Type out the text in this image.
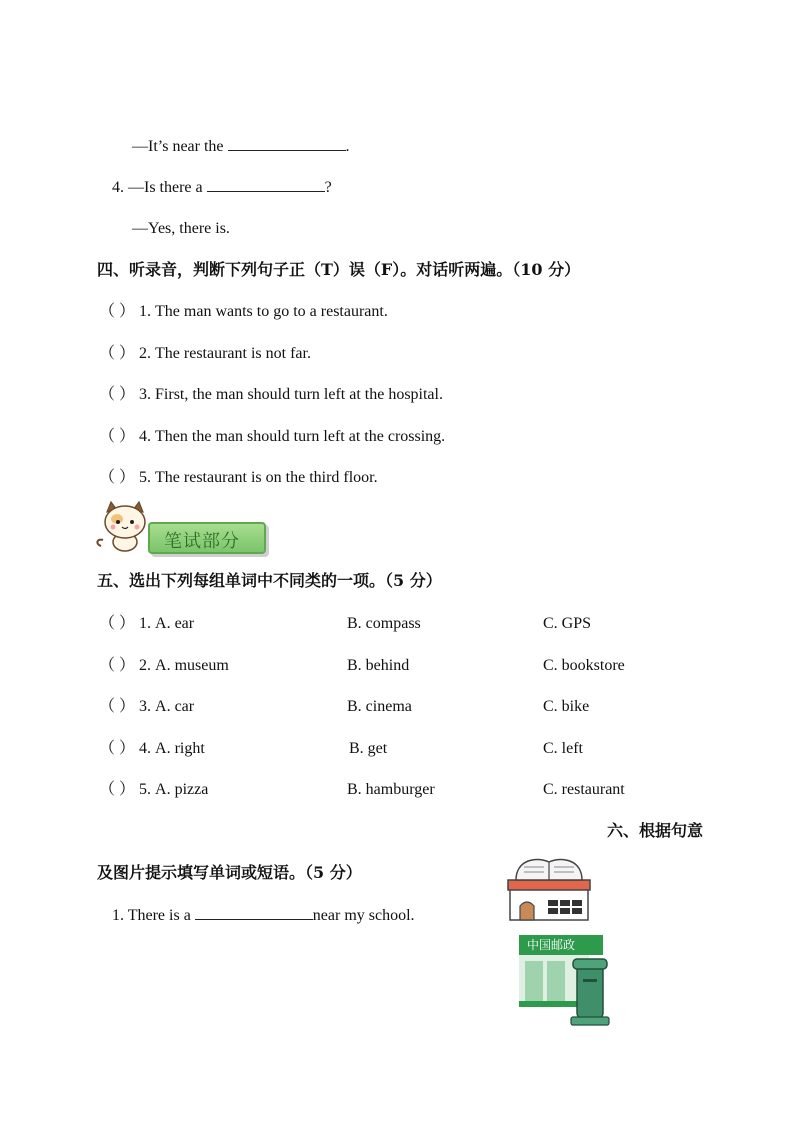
—It’s near the	.
4. —Is there a	?
—Yes, there is.
四、听录音，判断下列句子正（T）误（F）。对话听两遍。（10 分）
（ ） 1. The man wants to go to a restaurant.
（ ） 2. The restaurant is not far.
（ ） 3. First, the man should turn left at the hospital.
（ ） 4. Then the man should turn left at the crossing.
（ ） 5. The restaurant is on the third floor.
笔试部分
五、选出下列每组单词中不同类的一项。（5 分）
（ ） 1. A. ear	B. compass	C. GPS
（ ） 2. A. museum	B. behind	C. bookstore
（ ） 3. A. car	B. cinema	C. bike
（ ） 4. A. right	B. get	C. left
（ ） 5. A. pizza	B. hamburger	C. restaurant
六、根据句意
及图片提示填写单词或短语。（5 分）
1. There is a	near my school.
中国邮政
